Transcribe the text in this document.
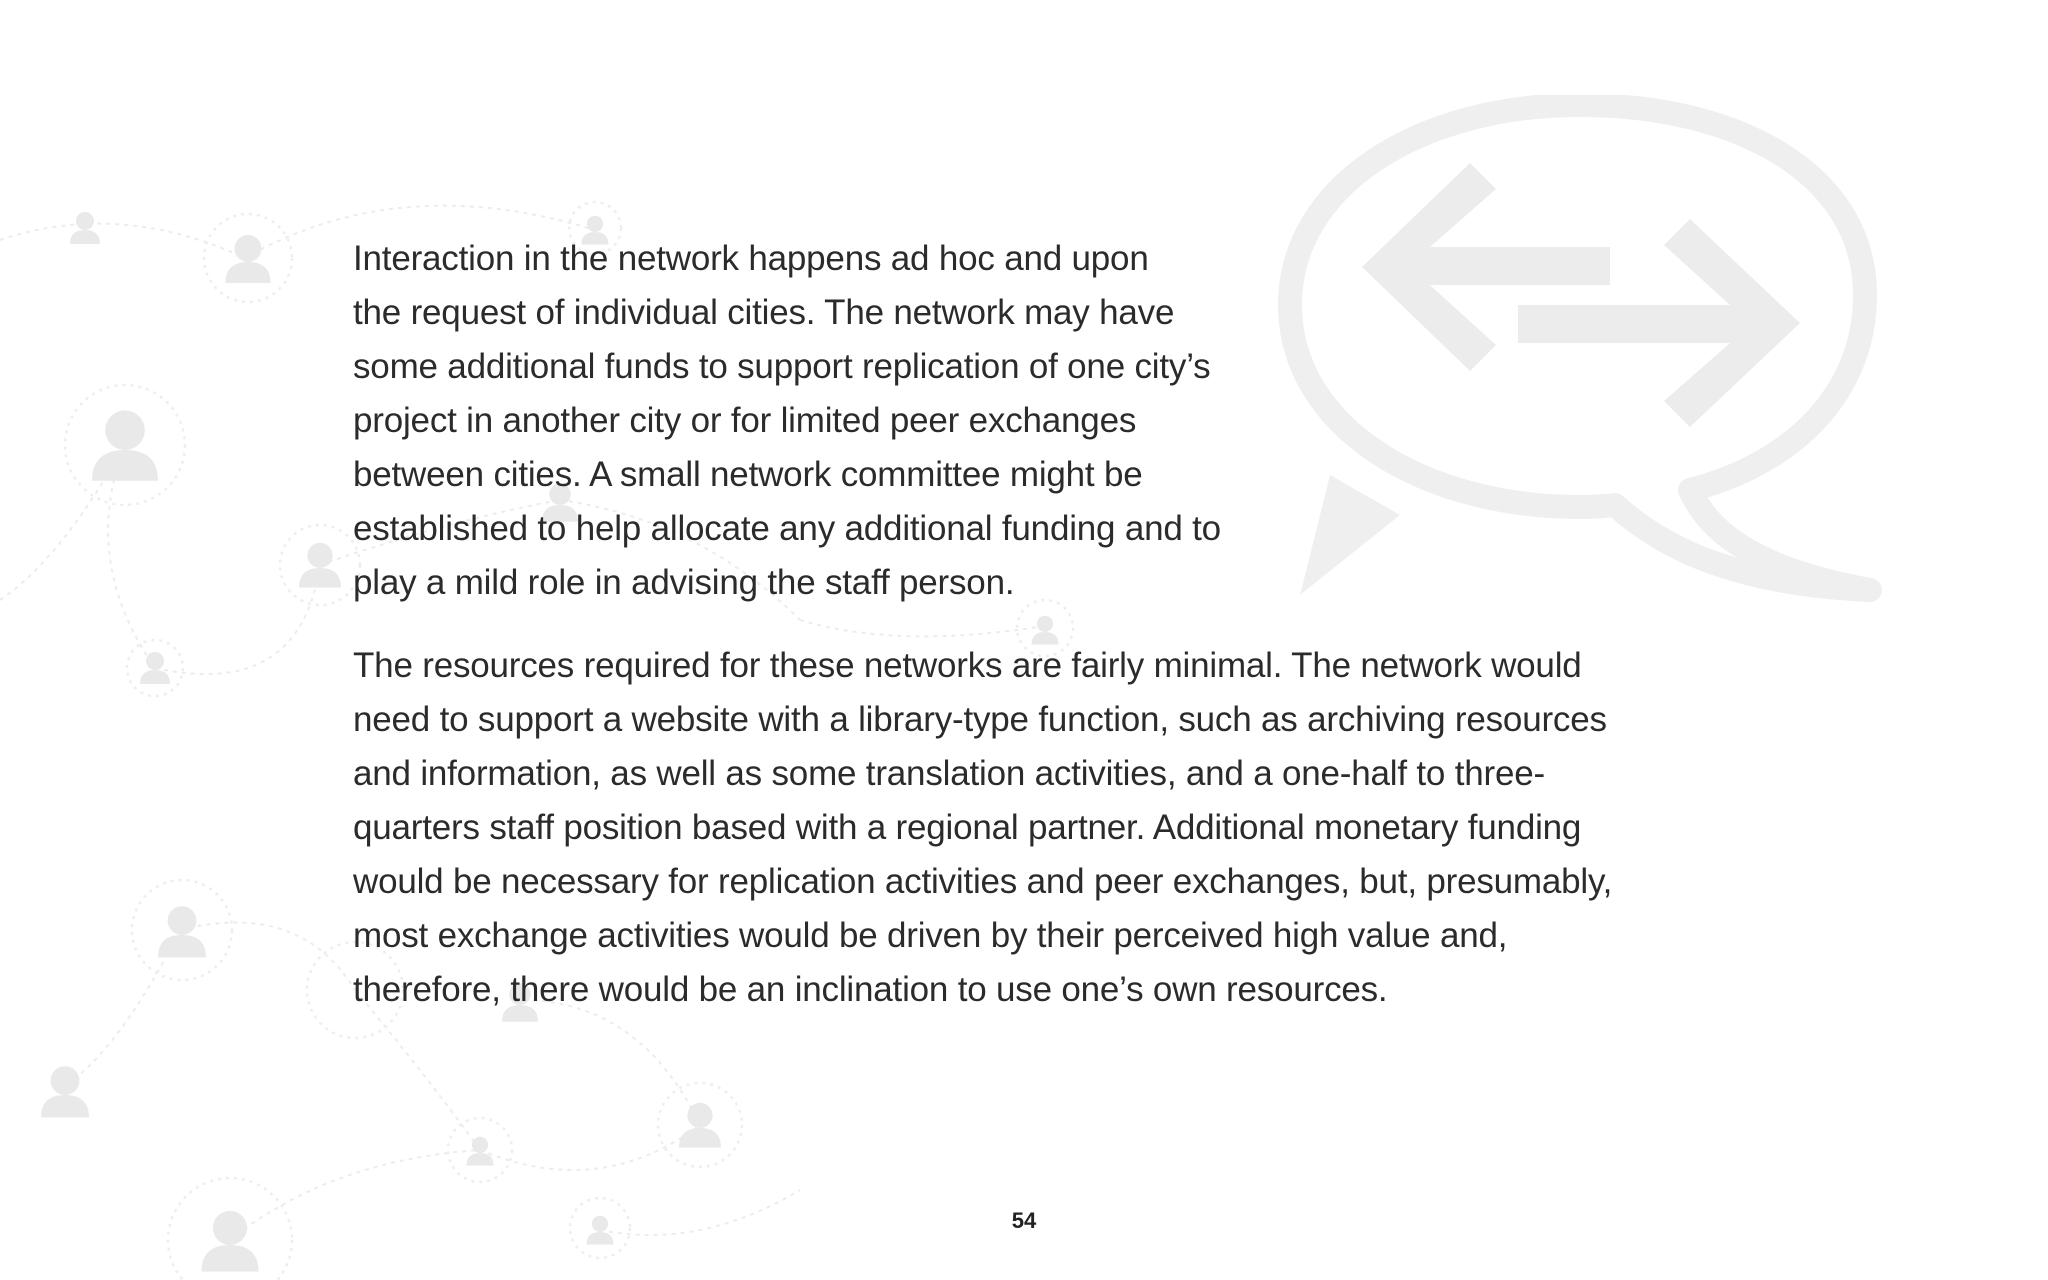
Interaction in the network happens ad hoc and upon
the request of individual cities. The network may have
some additional funds to support replication of one city’s
project in another city or for limited peer exchanges
between cities. A small network committee might be
established to help allocate any additional funding and to
play a mild role in advising the staff person.
The resources required for these networks are fairly minimal. The network would
need to support a website with a library-type function, such as archiving resources
and information, as well as some translation activities, and a one-half to three-
quarters staff position based with a regional partner. Additional monetary funding
would be necessary for replication activities and peer exchanges, but, presumably,
most exchange activities would be driven by their perceived high value and,
therefore, there would be an inclination to use one’s own resources.
54
